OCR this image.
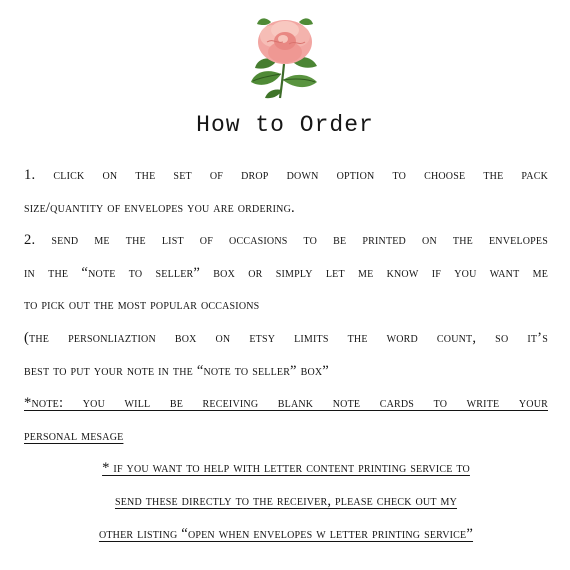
How to Order
1. click on the set of drop down option to choose the pack
size/quantity of envelopes you are ordering.
2. send me the list of occasions to be printed on the envelopes
in the “note to seller” box or simply let me know if you want me
to pick out the most popular occasions
(the personliaztion box on etsy limits the word count, so it’s
best to put your note in the “note to seller” box”
*note: you will be receiving blank note cards to write your
personal mesage
* if you want to help with letter content printing service to
send these directly to the receiver, please check out my
other listing “open when envelopes w letter printing service”
